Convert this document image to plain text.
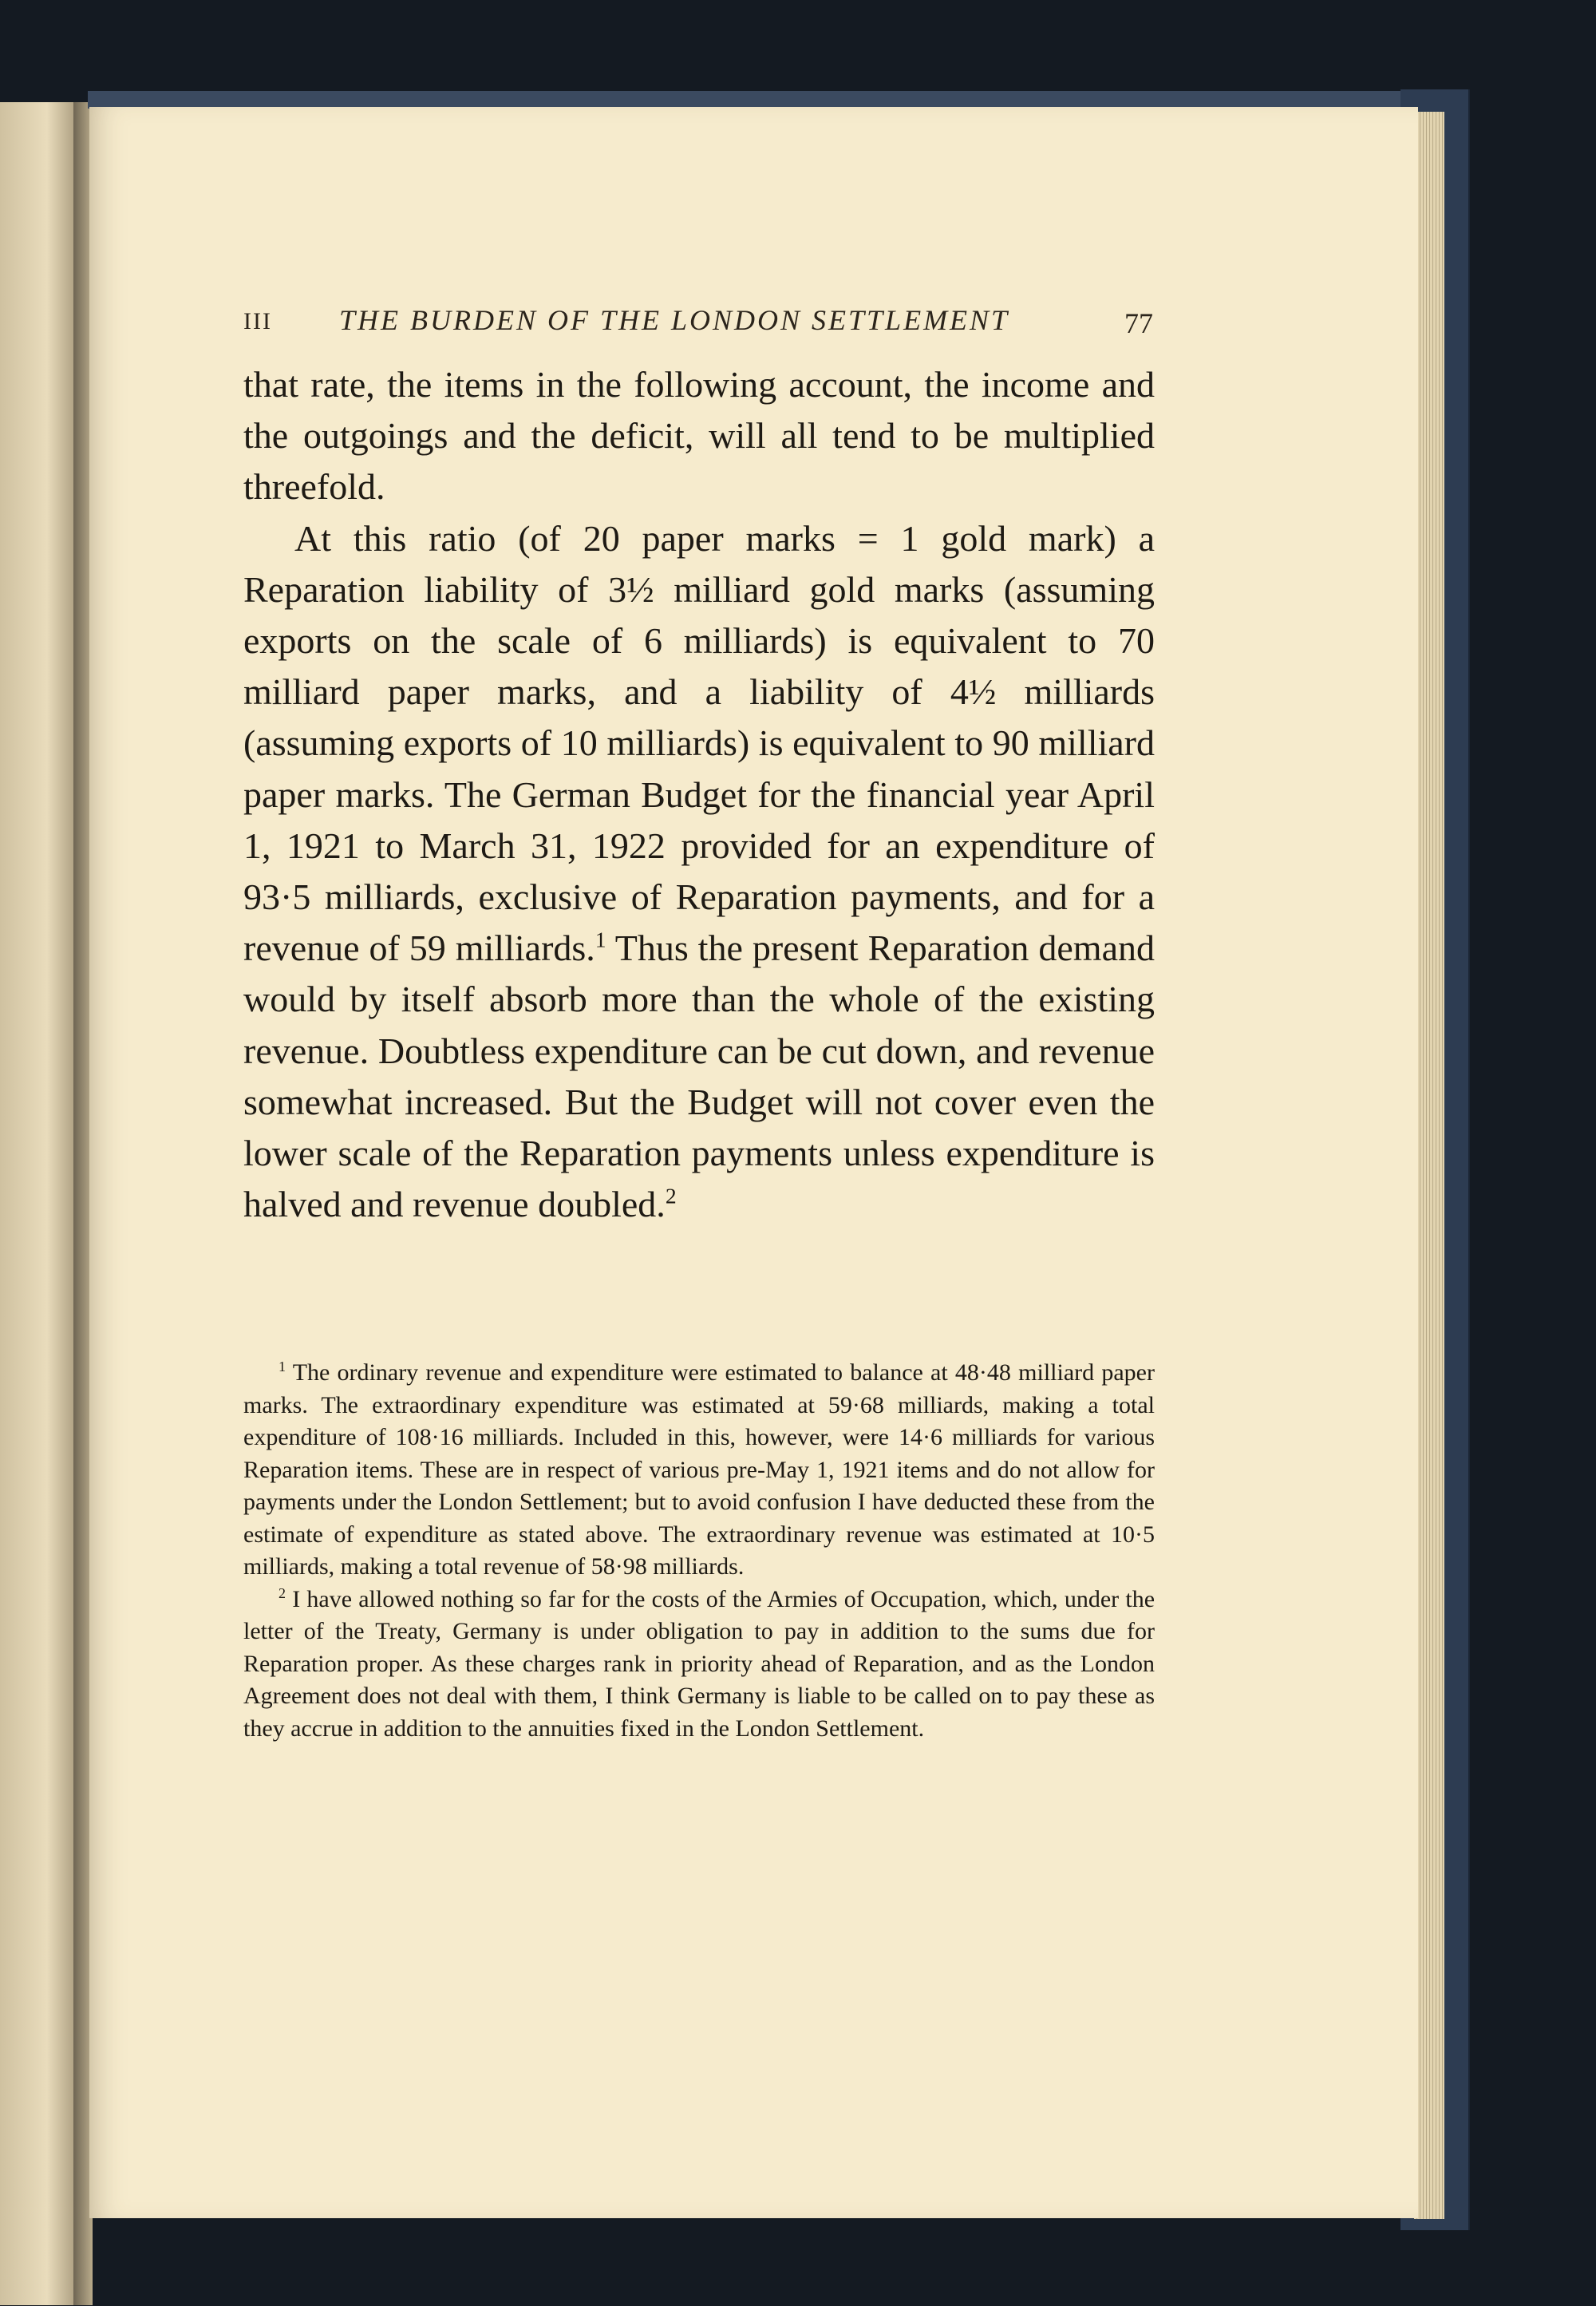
III THE BURDEN OF THE LONDON SETTLEMENT	77

that rate, the items in the following account, the income and the outgoings and the deficit, will all tend to be multiplied threefold.

At this ratio (of 20 paper marks = 1 gold mark) a Reparation liability of 3½ milliard gold marks (assuming exports on the scale of 6 milliards) is equivalent to 70 milliard paper marks, and a liability of 4½ milliards (assuming exports of 10 milliards) is equivalent to 90 milliard paper marks. The German Budget for the financial year April 1, 1921 to March 31, 1922 provided for an expenditure of 93·5 milliards, exclusive of Reparation payments, and for a revenue of 59 milliards.$^1$ Thus the present Reparation demand would by itself absorb more than the whole of the existing revenue. Doubtless expenditure can be cut down, and revenue somewhat increased. But the Budget will not cover even the lower scale of the Reparation payments unless expenditure is halved and revenue doubled.$^2$

$^1$ The ordinary revenue and expenditure were estimated to balance at 48·48 milliard paper marks. The extraordinary expenditure was estimated at 59·68 milliards, making a total expenditure of 108·16 milliards. Included in this, however, were 14·6 milliards for various Reparation items. These are in respect of various pre-May 1, 1921 items and do not allow for payments under the London Settlement; but to avoid confusion I have deducted these from the estimate of expenditure as stated above. The extraordinary revenue was estimated at 10·5 milliards, making a total revenue of 58·98 milliards.

$^2$ I have allowed nothing so far for the costs of the Armies of Occupation, which, under the letter of the Treaty, Germany is under obligation to pay in addition to the sums due for Reparation proper. As these charges rank in priority ahead of Reparation, and as the London Agreement does not deal with them, I think Germany is liable to be called on to pay these as they accrue in addition to the annuities fixed in the London Settlement.
